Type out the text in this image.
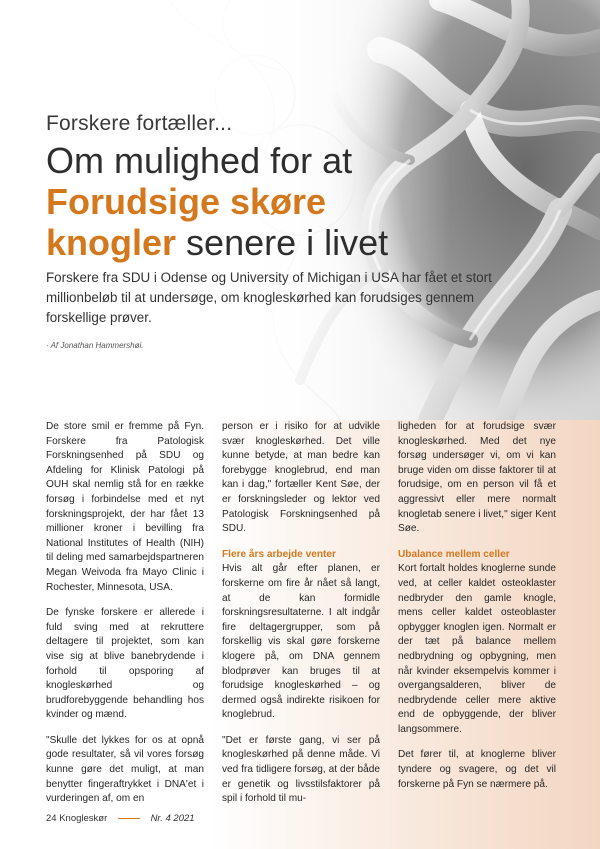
Forskere fortæller...
Om mulighed for at
Forudsige skøre
knogler senere i livet
Forskere fra SDU i Odense og University of Michigan i USA har fået et stort millionbeløb til at undersøge, om knogleskørhed kan forudsiges gennem forskellige prøver.
· Af Jonathan Hammershøi.

De store smil er fremme på Fyn. Forskere fra Patologisk Forskningsenhed på SDU og Afdeling for Klinisk Patologi på OUH skal nemlig stå for en række forsøg i forbindelse med et nyt forskningsprojekt, der har fået 13 millioner kroner i bevilling fra National Institutes of Health (NIH) til deling med samarbejdspartneren Megan Weivoda fra Mayo Clinic i Rochester, Minnesota, USA.

De fynske forskere er allerede i fuld sving med at rekruttere deltagere til projektet, som kan vise sig at blive banebrydende i forhold til opsporing af knogleskørhed og brudforebyggende behandling hos kvinder og mænd.

"Skulle det lykkes for os at opnå gode resultater, så vil vores forsøg kunne gøre det muligt, at man benytter fingeraftrykket i DNA'et i vurderingen af, om en

person er i risiko for at udvikle svær knogleskørhed. Det ville kunne betyde, at man bedre kan forebygge knoglebrud, end man kan i dag," fortæller Kent Søe, der er forskningsleder og lektor ved Patologisk Forskningsenhed på SDU.

Flere års arbejde venter

Hvis alt går efter planen, er forskerne om fire år nået så langt, at de kan formidle forskningsresultaterne. I alt indgår fire deltagergrupper, som på forskellig vis skal gøre forskerne klogere på, om DNA gennem blodprøver kan bruges til at forudsige knogleskørhed – og dermed også indirekte risikoen for knoglebrud.

"Det er første gang, vi ser på knogleskørhed på denne måde. Vi ved fra tidligere forsøg, at der både er genetik og livsstilsfaktorer på spil i forhold til mu-

ligheden for at forudsige svær knogleskørhed. Med det nye forsøg undersøger vi, om vi kan bruge viden om disse faktorer til at forudsige, om en person vil få et aggressivt eller mere normalt knogletab senere i livet," siger Kent Søe.

Ubalance mellem celler

Kort fortalt holdes knoglerne sunde ved, at celler kaldet osteoklaster nedbryder den gamle knogle, mens celler kaldet osteoblaster opbygger knoglen igen. Normalt er der tæt på balance mellem nedbrydning og opbygning, men når kvinder eksempelvis kommer i overgangsalderen, bliver de nedbrydende celler mere aktive end de opbyggende, der bliver langsommere.

Det fører til, at knoglerne bliver tyndere og svagere, og det vil forskerne på Fyn se nærmere på.

24 Knogleskør	Nr. 4 2021
